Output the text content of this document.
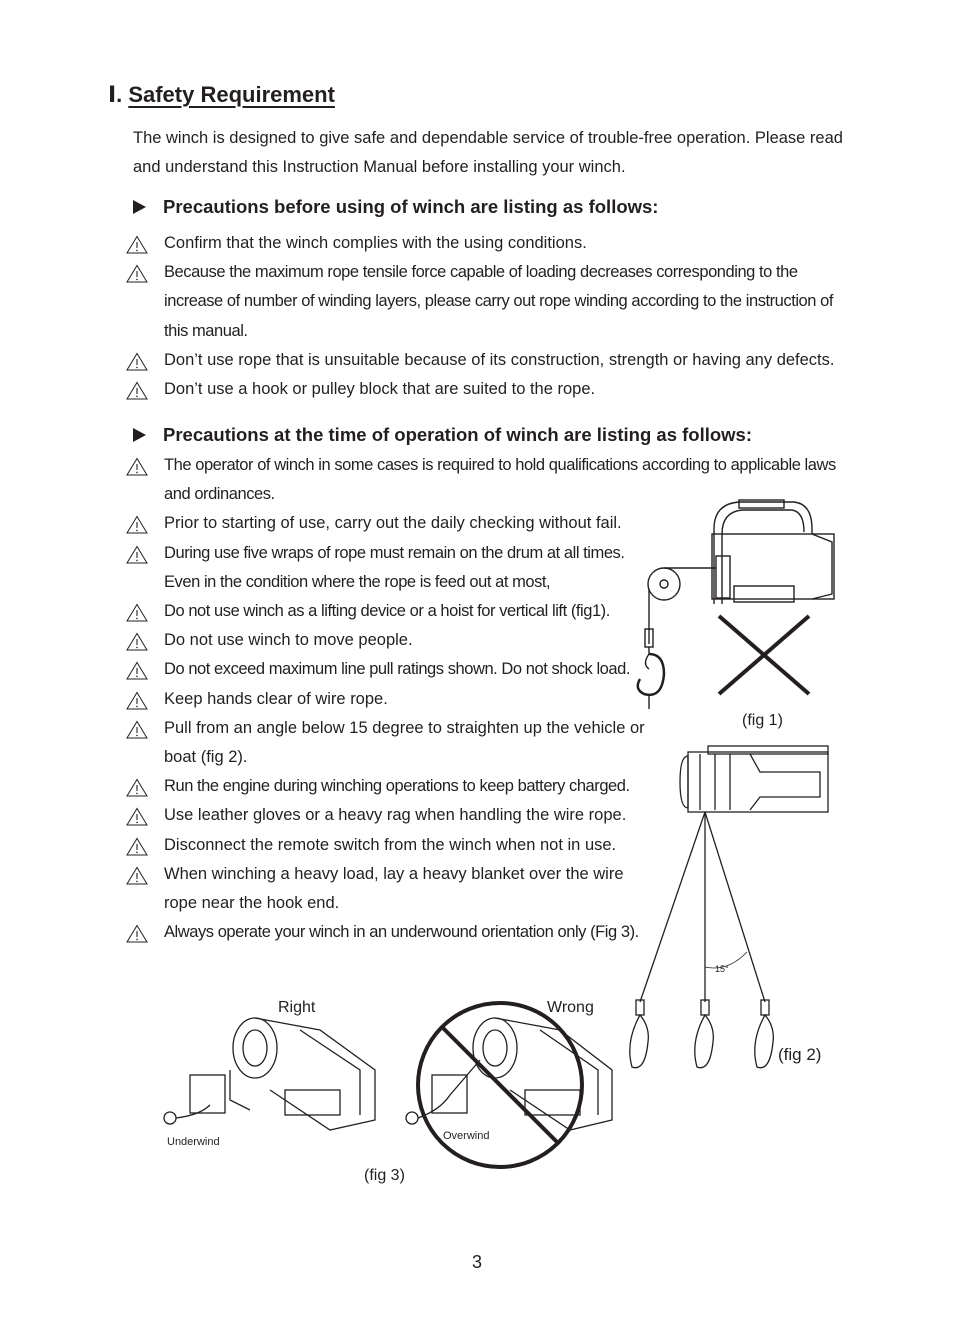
Ⅰ. Safety Requirement
The winch is designed to give safe and dependable service of trouble-free operation. Please read and understand this Instruction Manual before installing your winch.
Precautions before using of winch are listing as follows:
Confirm that the winch complies with the using conditions.
Because the maximum rope tensile force capable of loading decreases corresponding to the increase of number of winding layers, please carry out rope winding according to the instruction of this manual.
Don’t use rope that is unsuitable because of its construction, strength or having any defects.
Don’t use a hook or pulley block that are suited to the rope.
Precautions at the time of operation of winch are listing as follows:
The operator of winch in some cases is required to hold qualifications according to applicable laws and ordinances.
Prior to starting of use, carry out the daily checking without fail.
During use five wraps of rope must remain on the drum at all times. Even in the condition where the rope is feed out at most,
Do not use winch as a lifting device or a hoist for vertical lift (fig1).
Do not use winch to move people.
Do not exceed maximum line pull ratings shown. Do not shock load.
Keep hands clear of wire rope.
Pull from an angle below 15 degree to straighten up the vehicle or boat (fig 2).
Run the engine during winching operations to keep battery charged.
Use leather gloves or a heavy rag when handling the wire rope.
Disconnect the remote switch from the winch when not in use.
When winching a heavy load, lay a heavy blanket over the wire rope near the hook end.
Always operate your winch in an underwound orientation only (Fig 3).
(fig 1)
15°
(fig 2)
Right	Wrong
Underwind	Overwind
(fig 3)
3
